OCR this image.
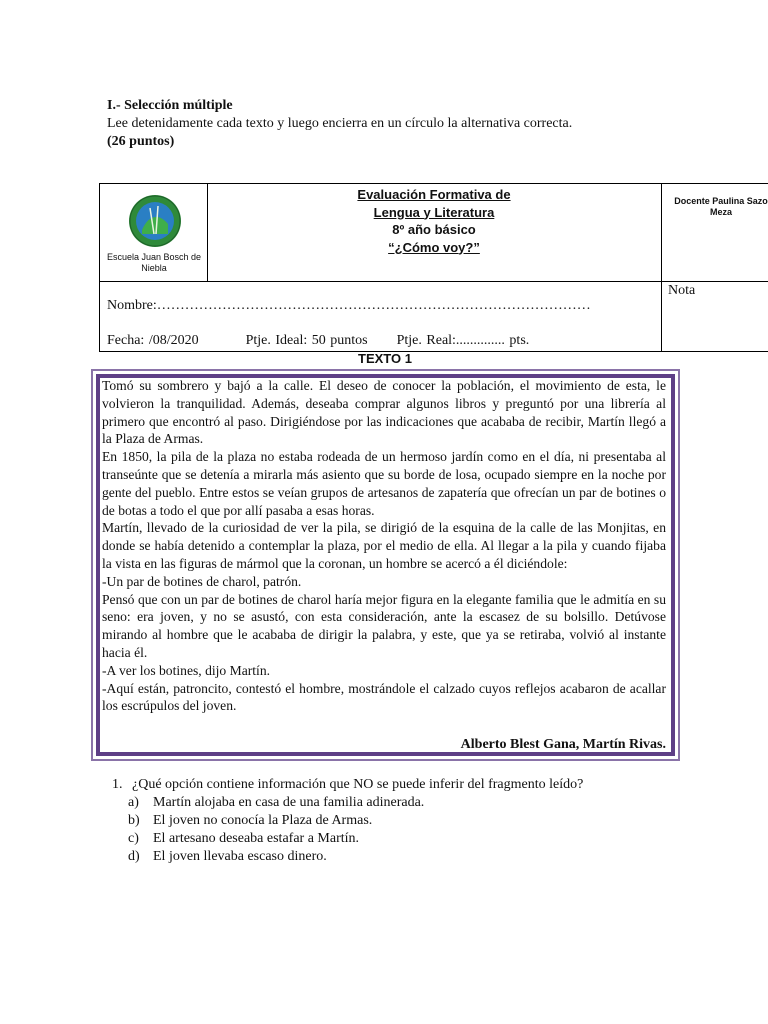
I.- Selección múltiple
Lee detenidamente cada texto y luego encierra en un círculo la alternativa correcta.
(26 puntos)
Escuela Juan Bosch de Niebla
Evaluación Formativa de
Lengua y Literatura
8º año básico
“¿Cómo voy?”
Docente Paulina Sazo Meza
Nombre:…………………………………………………………………………………
Fecha: /08/2020	Ptje. Ideal: 50 puntos Ptje. Real:.............. pts.
Nota
TEXTO 1

Tomó su sombrero y bajó a la calle. El deseo de conocer la población, el movimiento de esta, le volvieron la tranquilidad. Además, deseaba comprar algunos libros y preguntó por una librería al primero que encontró al paso. Dirigiéndose por las indicaciones que acababa de recibir, Martín llegó a la Plaza de Armas.

En 1850, la pila de la plaza no estaba rodeada de un hermoso jardín como en el día, ni presentaba al transeúnte que se detenía a mirarla más asiento que su borde de losa, ocupado siempre en la noche por gente del pueblo. Entre estos se veían grupos de artesanos de zapatería que ofrecían un par de botines o de botas a todo el que por allí pasaba a esas horas.

Martín, llevado de la curiosidad de ver la pila, se dirigió de la esquina de la calle de las Monjitas, en donde se había detenido a contemplar la plaza, por el medio de ella. Al llegar a la pila y cuando fijaba la vista en las figuras de mármol que la coronan, un hombre se acercó a él diciéndole:

-Un par de botines de charol, patrón.

Pensó que con un par de botines de charol haría mejor figura en la elegante familia que le admitía en su seno: era joven, y no se asustó, con esta consideración, ante la escasez de su bolsillo. Detúvose mirando al hombre que le acababa de dirigir la palabra, y este, que ya se retiraba, volvió al instante hacia él.

-A ver los botines, dijo Martín.

-Aquí están, patroncito, contestó el hombre, mostrándole el calzado cuyos reflejos acabaron de acallar los escrúpulos del joven.

Alberto Blest Gana, Martín Rivas.
1. ¿Qué opción contiene información que NO se puede inferir del fragmento leído?
a) Martín alojaba en casa de una familia adinerada.
b) El joven no conocía la Plaza de Armas.
c) El artesano deseaba estafar a Martín.
d) El joven llevaba escaso dinero.
